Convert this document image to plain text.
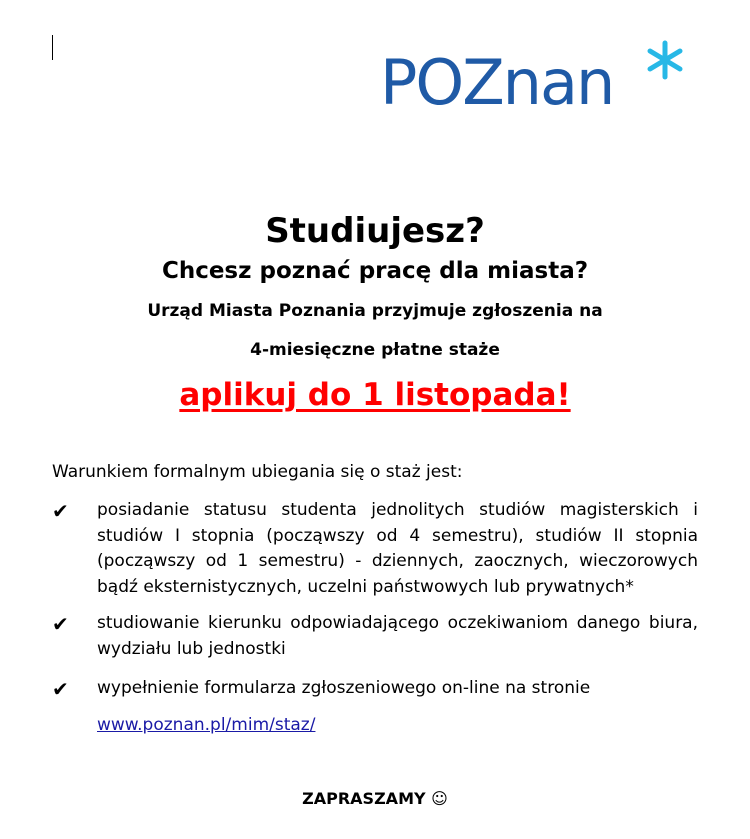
POZnan
Studiujesz?
Chcesz poznać pracę dla miasta?
Urząd Miasta Poznania przyjmuje zgłoszenia na
4-miesięczne płatne staże
aplikuj do 1 listopada!
Warunkiem formalnym ubiegania się o staż jest:
✔ posiadanie statusu studenta jednolitych studiów magisterskich i studiów I stopnia (począwszy od 4 semestru), studiów II stopnia (począwszy od 1 semestru) - dziennych, zaocznych, wieczorowych bądź eksternistycznych, uczelni państwowych lub prywatnych*
✔ studiowanie kierunku odpowiadającego oczekiwaniom danego biura, wydziału lub jednostki
✔ wypełnienie formularza zgłoszeniowego on-line na stronie
www.poznan.pl/mim/staz/
ZAPRASZAMY ☺
